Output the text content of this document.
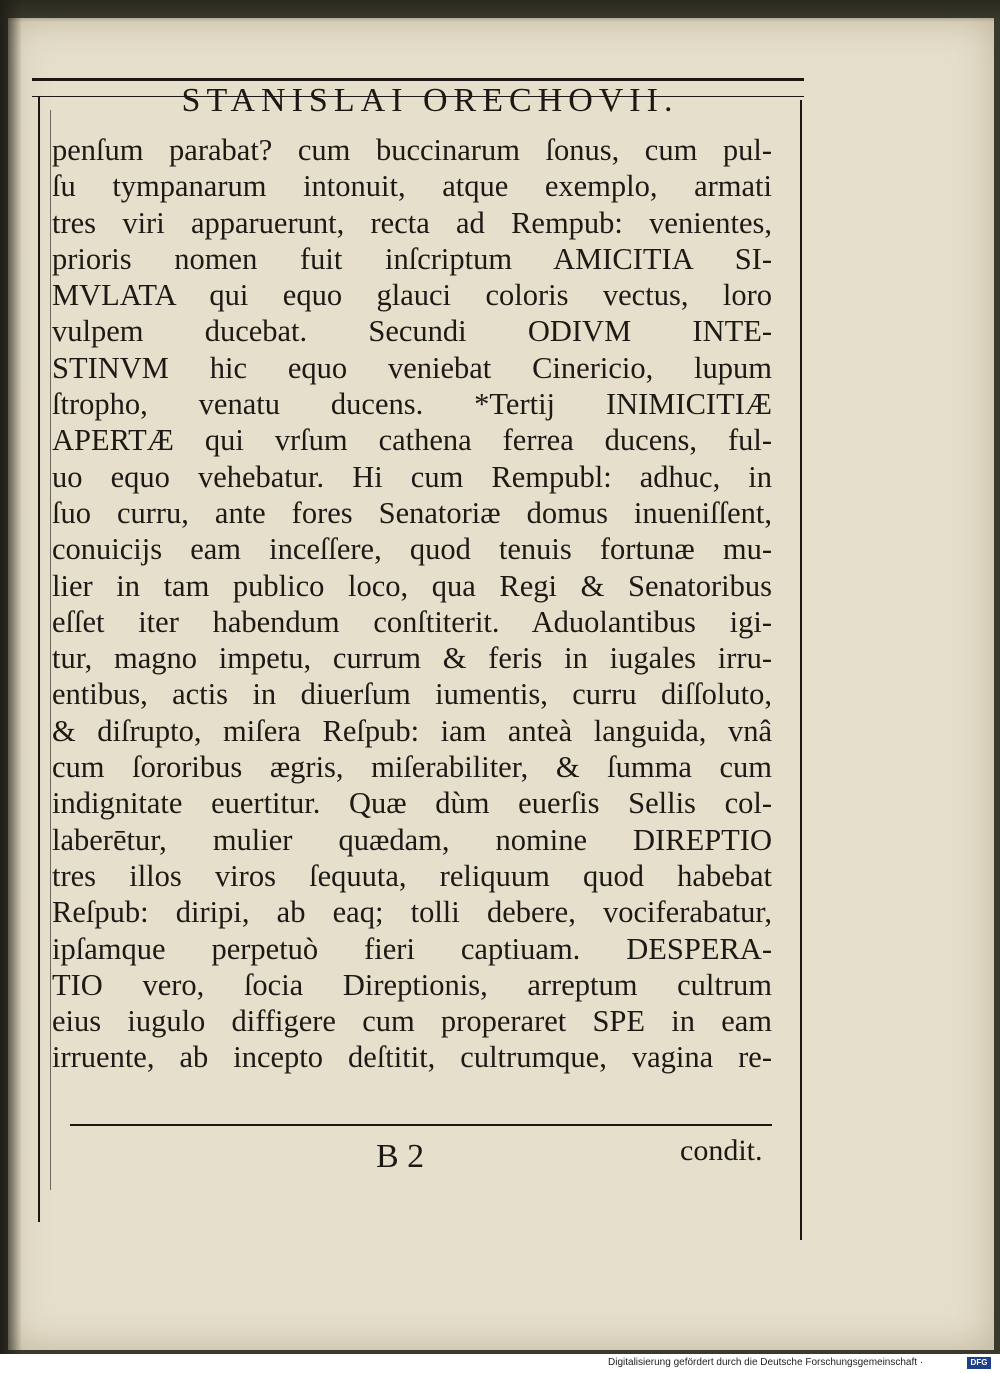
STANISLAI ORECHOVII.
penſum parabat? cum buccinarum ſonus, cum pul-
ſu tympanarum intonuit, atque exemplo, armati
tres viri apparuerunt, recta ad Rempub: venientes,
prioris nomen fuit inſcriptum AMICITIA SI-
MVLATA qui equo glauci coloris vectus, loro
vulpem ducebat. Secundi ODIVM INTE-
STINVM hic equo veniebat Cinericio, lupum
ſtropho, venatu ducens. *Tertij INIMICITIÆ
APERTÆ qui vrſum cathena ferrea ducens, ful-
uo equo vehebatur. Hi cum Rempubl: adhuc, in
ſuo curru, ante fores Senatoriæ domus inueniſſent,
conuicijs eam inceſſere, quod tenuis fortunæ mu-
lier in tam publico loco, qua Regi & Senatoribus
eſſet iter habendum conſtiterit. Aduolantibus igi-
tur, magno impetu, currum & feris in iugales irru-
entibus, actis in diuerſum iumentis, curru diſſoluto,
& diſrupto, miſera Reſpub: iam anteà languida, vnâ
cum ſororibus ægris, miſerabiliter, & ſumma cum
indignitate euertitur. Quæ dùm euerſis Sellis col-
laberētur, mulier quædam, nomine DIREPTIO
tres illos viros ſequuta, reliquum quod habebat
Reſpub: diripi, ab eaq; tolli debere, vociferabatur,
ipſamque perpetuò fieri captiuam. DESPERA-
TIO vero, ſocia Direptionis, arreptum cultrum
eius iugulo diffigere cum properaret SPE in eam
irruente, ab incepto deſtitit, cultrumque, vagina re-
B 2	condit.
Digitalisierung gefördert durch die Deutsche Forschungsgemeinschaft ·	DFG
